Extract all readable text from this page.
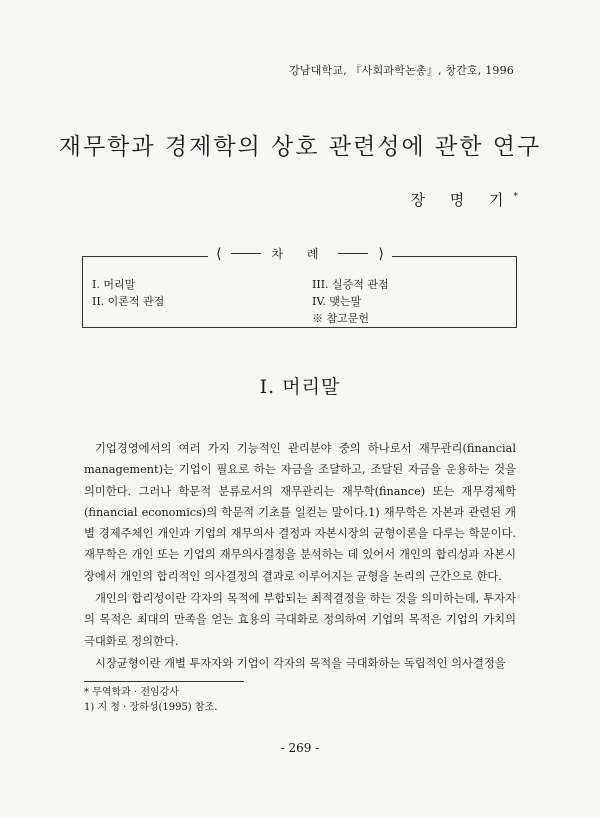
강남대학교, 『사회과학논총』, 창간호, 1996
재무학과 경제학의 상호 관련성에 관한 연구
장 명 기*
⟨	차 례	⟩
I. 머리말
II. 이론적 관점
III. 실증적 관점
IV. 맺는말
※ 참고문헌
I. 머리말

기업경영에서의 여러 가지 기능적인 관리분야 중의 하나로서 재무관리(financial management)는 기업이 필요로 하는 자금을 조달하고, 조달된 자금을 운용하는 것을 의미한다. 그러나 학문적 분류로서의 재무관리는 재무학(finance) 또는 재무경제학(financial economics)의 학문적 기초를 일컫는 말이다.1) 재무학은 자본과 관련된 개별 경제주체인 개인과 기업의 재무의사 결정과 자본시장의 균형이론을 다루는 학문이다. 재무학은 개인 또는 기업의 재무의사결정을 분석하는 데 있어서 개인의 합리성과 자본시장에서 개인의 합리적인 의사결정의 결과로 이루어지는 균형을 논리의 근간으로 한다.

개인의 합리성이란 각자의 목적에 부합되는 최적결정을 하는 것을 의미하는데, 투자자의 목적은 최대의 만족을 얻는 효용의 극대화로 정의하여 기업의 목적은 기업의 가치의 극대화로 정의한다.

시장균형이란 개별 투자자와 기업이 각자의 목적을 극대화하는 독립적인 의사결정을

* 무역학과 · 전임강사
1) 지 청 · 장하성(1995) 참조.
- 269 -
